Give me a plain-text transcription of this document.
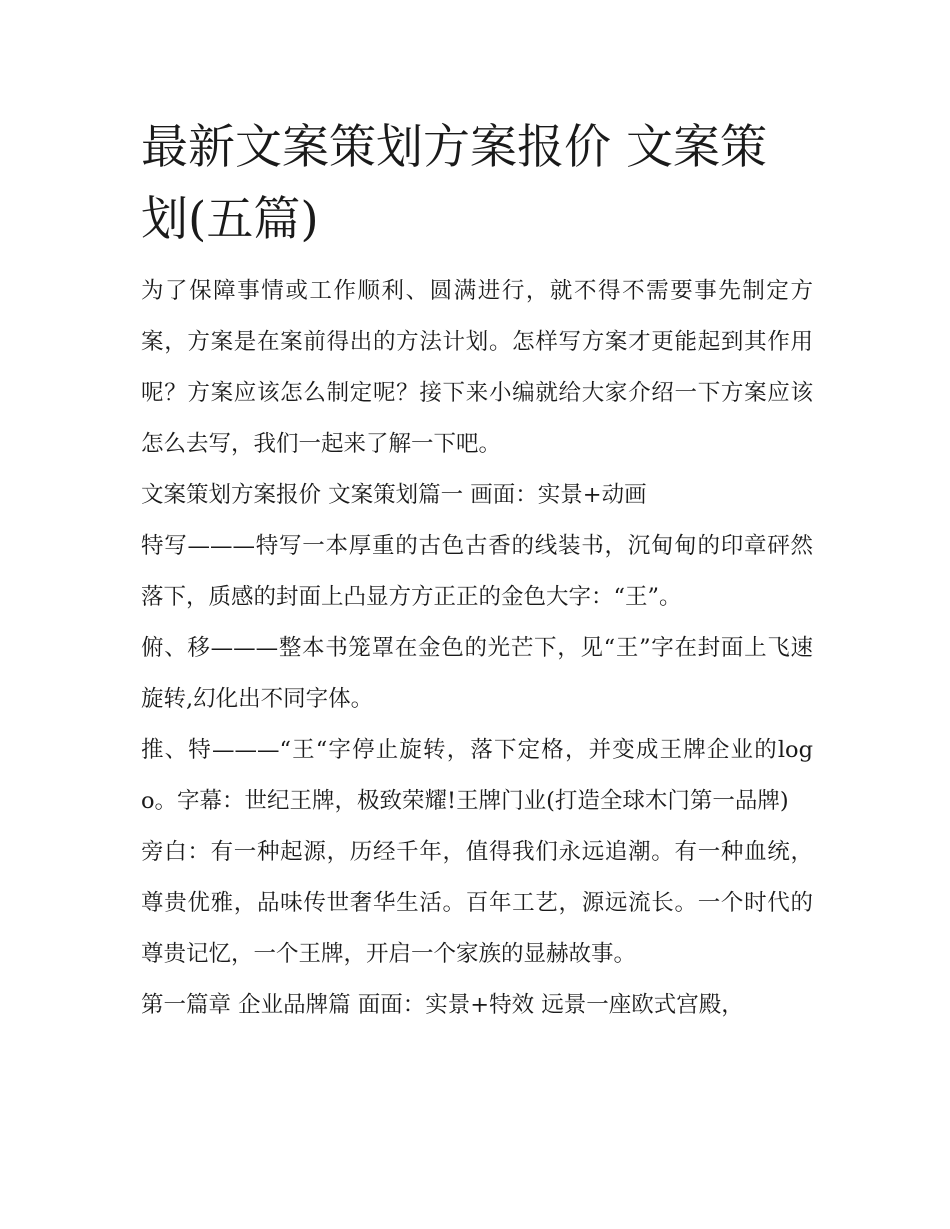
最新文案策划方案报价 文案策划(五篇)

为了保障事情或工作顺利、圆满进行，就不得不需要事先制定方案，方案是在案前得出的方法计划。怎样写方案才更能起到其作用呢？方案应该怎么制定呢？接下来小编就给大家介绍一下方案应该怎么去写，我们一起来了解一下吧。

文案策划方案报价 文案策划篇一 画面：实景+动画

特写———特写一本厚重的古色古香的线装书，沉甸甸的印章砰然落下，质感的封面上凸显方方正正的金色大字：“王”。

俯、移———整本书笼罩在金色的光芒下，见“王”字在封面上飞速旋转,幻化出不同字体。

推、特———“王“字停止旋转，落下定格，并变成王牌企业的logo。字幕：世纪王牌，极致荣耀!王牌门业(打造全球木门第一品牌)

旁白：有一种起源，历经千年，值得我们永远追潮。有一种血统，尊贵优雅，品味传世奢华生活。百年工艺，源远流长。一个时代的尊贵记忆，一个王牌，开启一个家族的显赫故事。

第一篇章 企业品牌篇 面面：实景+特效 远景一座欧式宫殿，
